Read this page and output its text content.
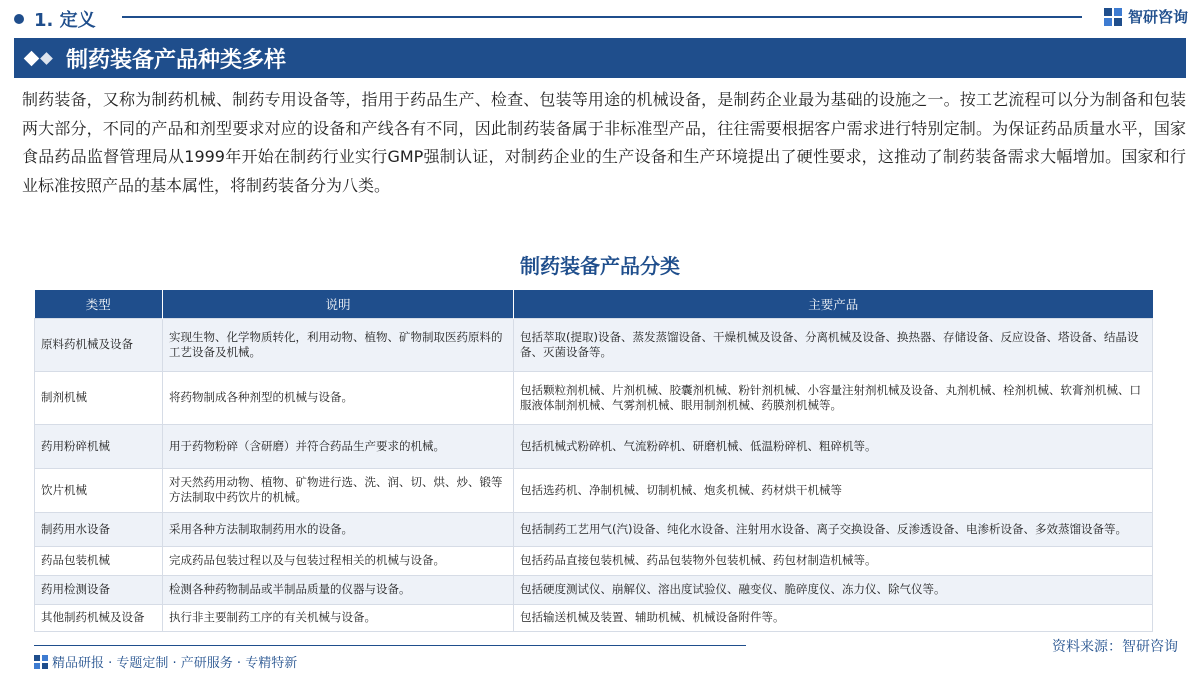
1. 定义	智研咨询
制药装备产品种类多样

制药装备，又称为制药机械、制药专用设备等，指用于药品生产、检查、包装等用途的机械设备，是制药企业最为基础的设施之一。按工艺流程可以分为制备和包装两大部分，不同的产品和剂型要求对应的设备和产线各有不同，因此制药装备属于非标准型产品，往往需要根据客户需求进行特别定制。为保证药品质量水平，国家食品药品监督管理局从1999年开始在制药行业实行GMP强制认证，对制药企业的生产设备和生产环境提出了硬性要求，这推动了制药装备需求大幅增加。国家和行业标准按照产品的基本属性，将制药装备分为八类。

制药装备产品分类
类型	说明	主要产品
原料药机械及设备	实现生物、化学物质转化，利用动物、植物、矿物制取医药原料的工艺设备及机械。	包括萃取(提取)设备、蒸发蒸馏设备、干燥机械及设备、分离机械及设备、换热器、存储设备、反应设备、塔设备、结晶设备、灭菌设备等。
制剂机械	将药物制成各种剂型的机械与设备。	包括颗粒剂机械、片剂机械、胶囊剂机械、粉针剂机械、小容量注射剂机械及设备、丸剂机械、栓剂机械、软膏剂机械、口服液体制剂机械、气雾剂机械、眼用制剂机械、药膜剂机械等。
药用粉碎机械	用于药物粉碎（含研磨）并符合药品生产要求的机械。	包括机械式粉碎机、气流粉碎机、研磨机械、低温粉碎机、粗碎机等。
饮片机械	对天然药用动物、植物、矿物进行选、洗、润、切、烘、炒、锻等方法制取中药饮片的机械。	包括选药机、净制机械、切制机械、炮炙机械、药材烘干机械等
制药用水设备	采用各种方法制取制药用水的设备。	包括制药工艺用气(汽)设备、纯化水设备、注射用水设备、离子交换设备、反渗透设备、电渗析设备、多效蒸馏设备等。
药品包装机械	完成药品包装过程以及与包装过程相关的机械与设备。	包括药品直接包装机械、药品包装物外包装机械、药包材制造机械等。
药用检测设备	检测各种药物制品或半制品质量的仪器与设备。	包括硬度测试仪、崩解仪、溶出度试验仪、融变仪、脆碎度仪、冻力仪、除气仪等。
其他制药机械及设备	执行非主要制药工序的有关机械与设备。	包括输送机械及装置、辅助机械、机械设备附件等。
资料来源：智研咨询
精品研报 · 专题定制 · 产研服务 · 专精特新
